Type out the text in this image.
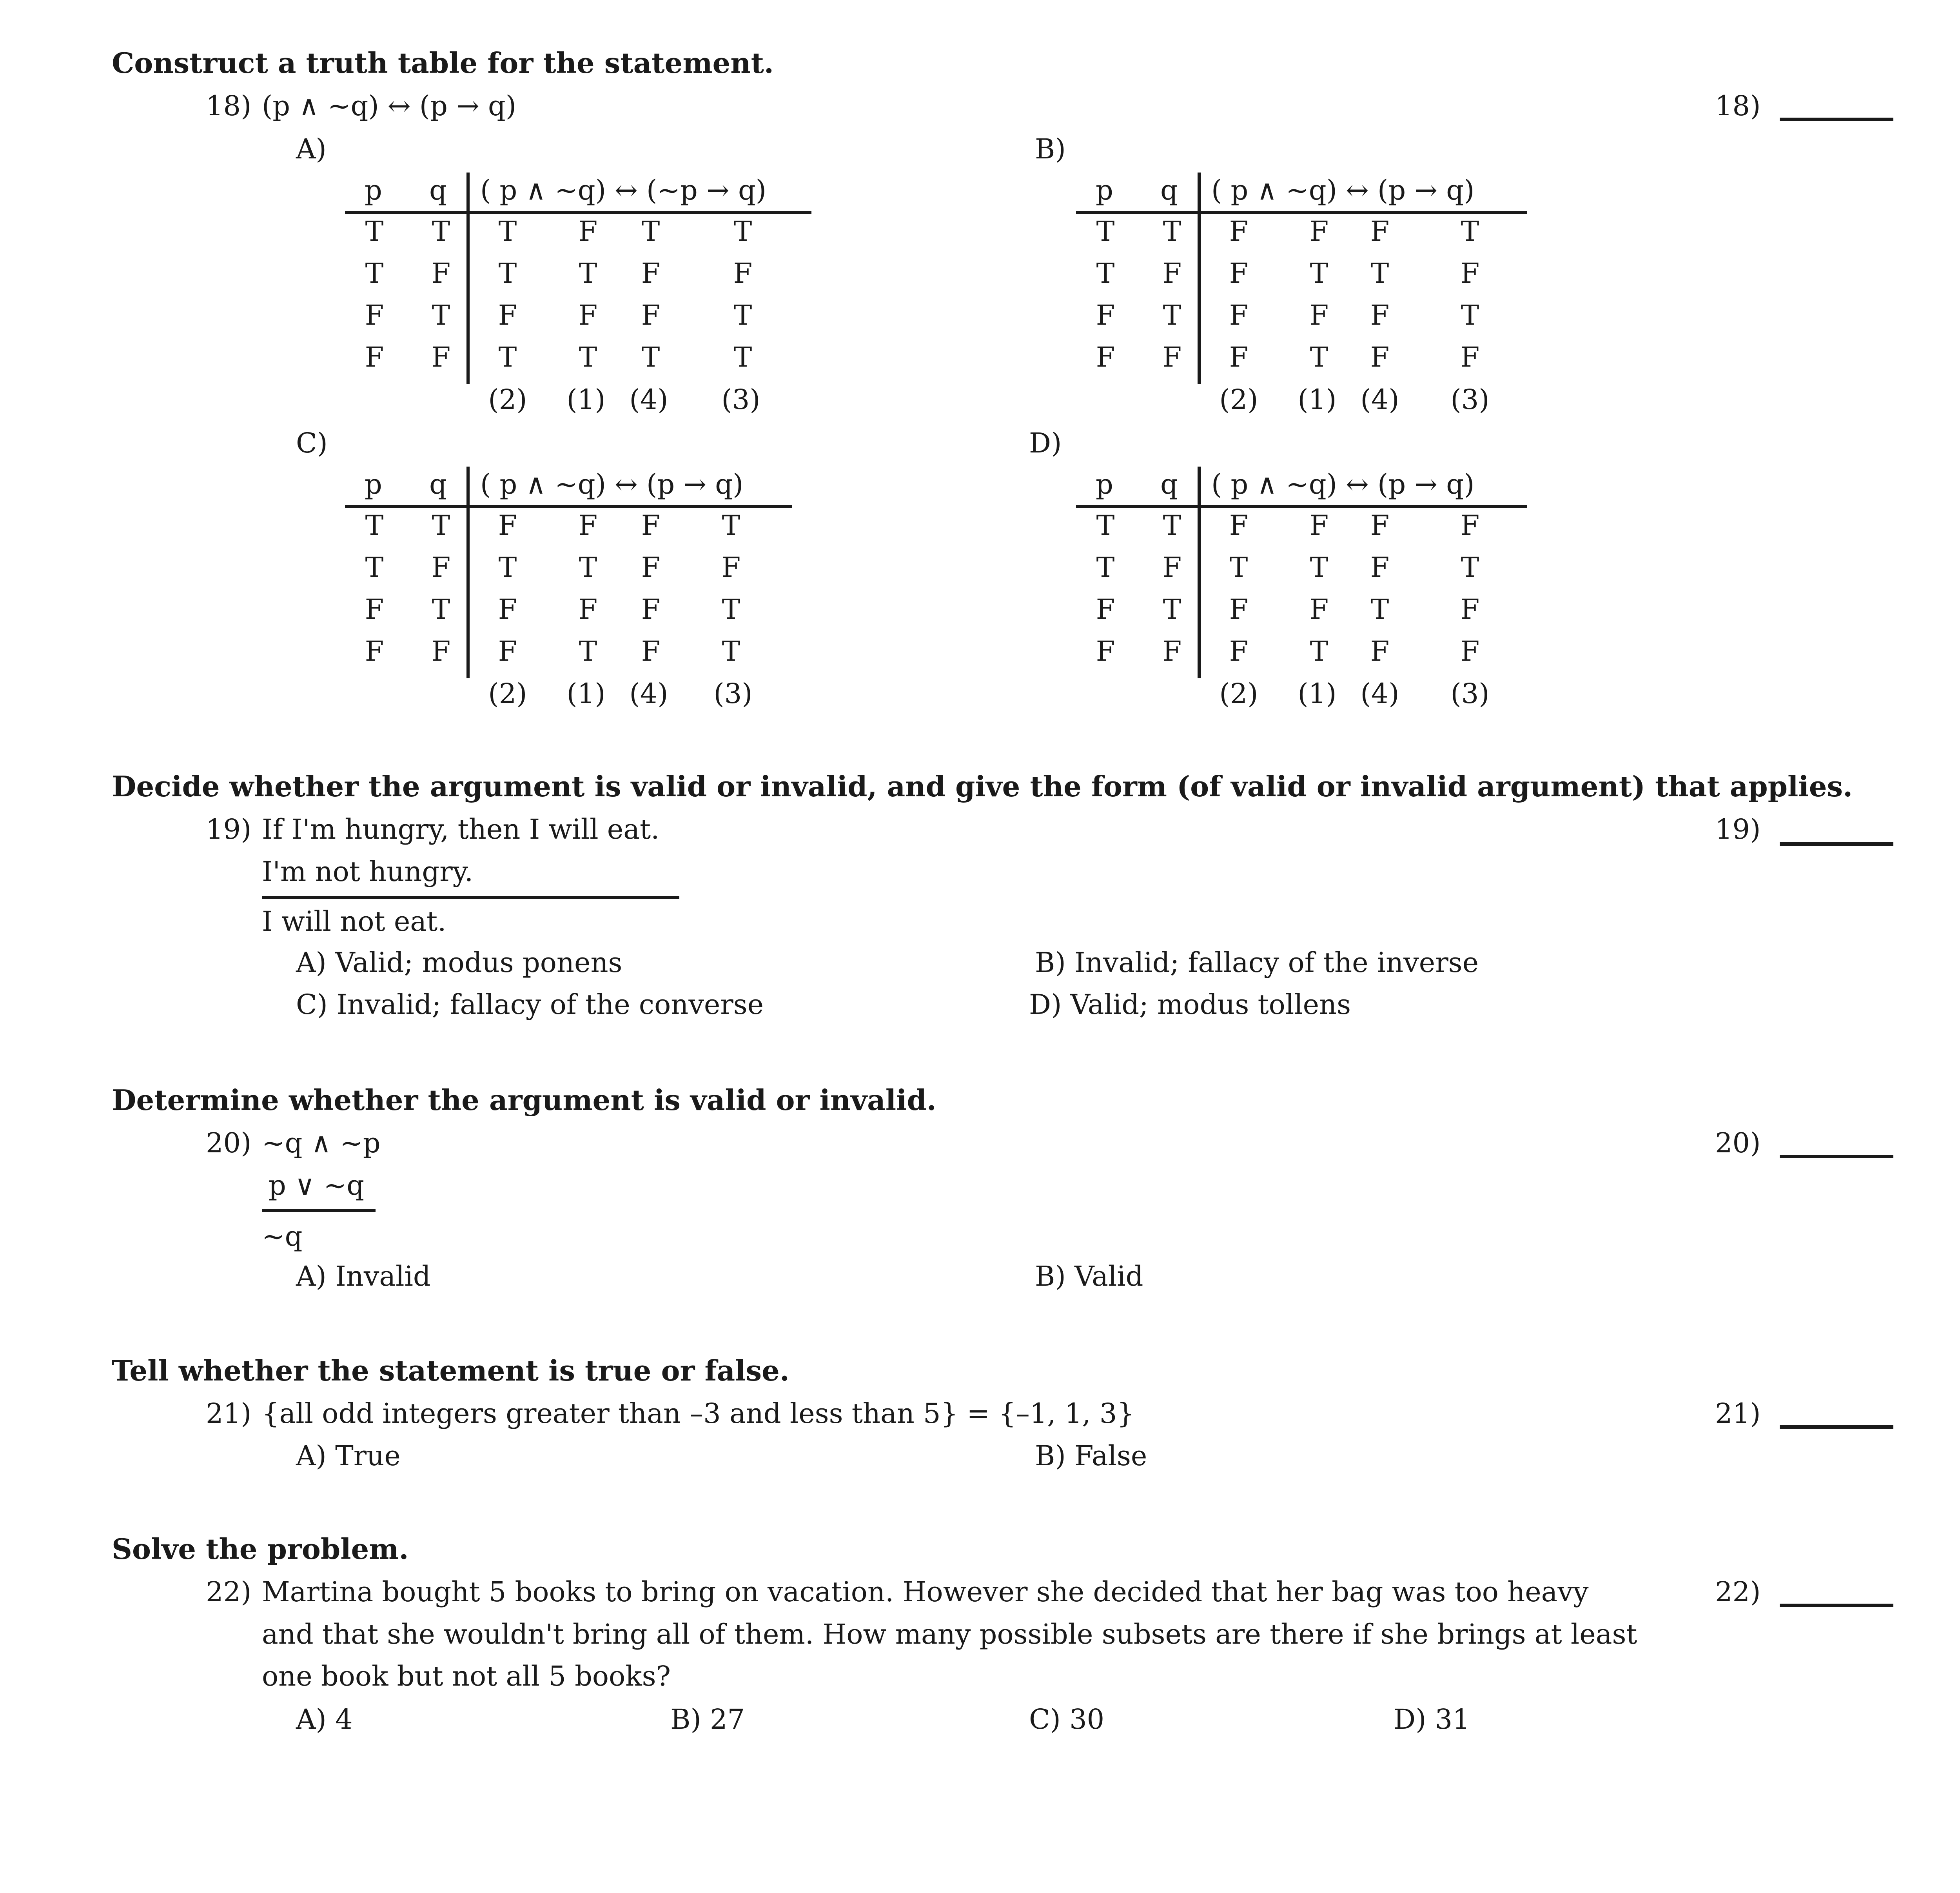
Construct a truth table for the statement.
18) (p ∧ ~q) ↔ (p → q)	18)
A)
p q ( p ∧ ~q) ↔ (~p → q)
T	T	T	F	T	T
T	F	T	T	F	F
F	T	F	F	F	T
F	F	T	T	T	T
(2) (1) (4) (3)
B)
p q ( p ∧ ~q) ↔ (p → q)
T	T	F	F	F	T
T	F	F	T	T	F
F	T	F	F	F	T
F	F	F	T	F	F
(2) (1) (4) (3)
C)
p q ( p ∧ ~q) ↔ (p → q)
T	T	F	F	F	T
T	F	T	T	F	F
F	T	F	F	F	T
F	F	F	T	F	T
(2) (1) (4) (3)
D)
p q ( p ∧ ~q) ↔ (p → q)
T	T	F	F	F	F
T	F	T	T	F	T
F	T	F	F	T	F
F	F	F	T	F	F
(2) (1) (4) (3)
Decide whether the argument is valid or invalid, and give the form (of valid or invalid argument) that applies.
19) If I'm hungry, then I will eat.
I'm not hungry.
I will not eat.
19)
A) Valid; modus ponens	B) Invalid; fallacy of the inverse
C) Invalid; fallacy of the converse	D) Valid; modus tollens
Determine whether the argument is valid or invalid.
20) ~q ∧ ~p
p ∨ ~q
~q
20)
A) Invalid	B) Valid
Tell whether the statement is true or false.
21) {all odd integers greater than –3 and less than 5} = {–1, 1, 3}	21)
A) True	B) False
Solve the problem.
22) Martina bought 5 books to bring on vacation. However she decided that her bag was too heavy
and that she wouldn't bring all of them. How many possible subsets are there if she brings at least
one book but not all 5 books?
22)
A) 4	B) 27	C) 30	D) 31
